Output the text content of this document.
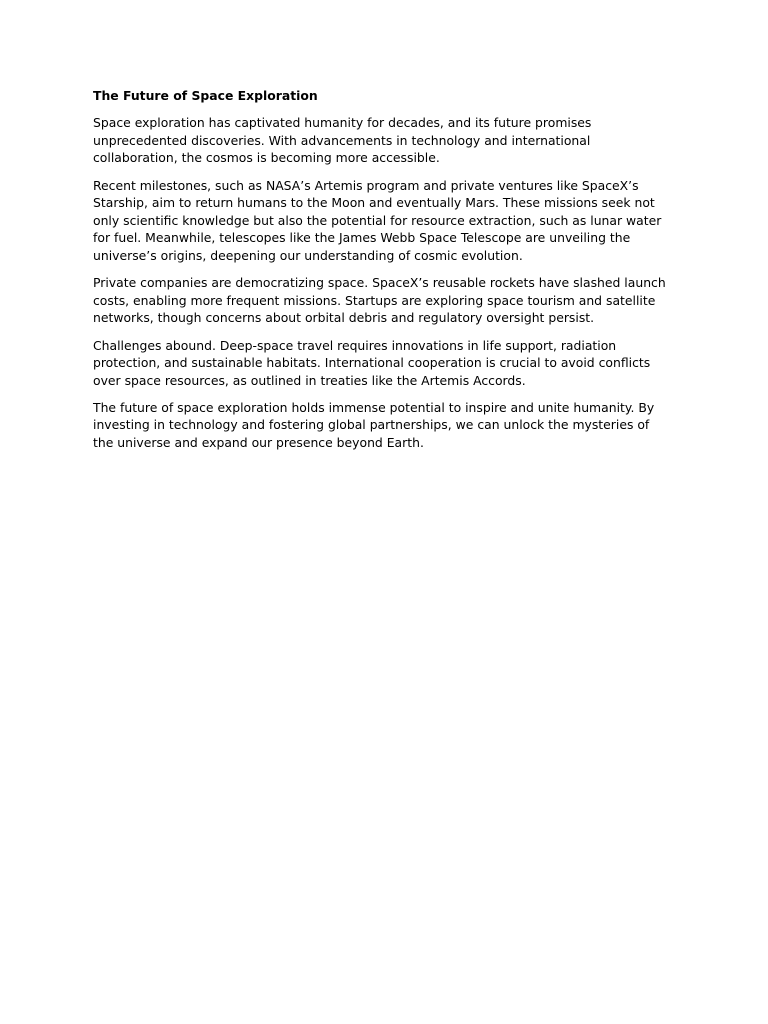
The Future of Space Exploration

Space exploration has captivated humanity for decades, and its future promises unprecedented discoveries. With advancements in technology and international collaboration, the cosmos is becoming more accessible.

Recent milestones, such as NASA’s Artemis program and private ventures like SpaceX’s Starship, aim to return humans to the Moon and eventually Mars. These missions seek not only scientific knowledge but also the potential for resource extraction, such as lunar water for fuel. Meanwhile, telescopes like the James Webb Space Telescope are unveiling the universe’s origins, deepening our understanding of cosmic evolution.

Private companies are democratizing space. SpaceX’s reusable rockets have slashed launch costs, enabling more frequent missions. Startups are exploring space tourism and satellite networks, though concerns about orbital debris and regulatory oversight persist.

Challenges abound. Deep-space travel requires innovations in life support, radiation protection, and sustainable habitats. International cooperation is crucial to avoid conflicts over space resources, as outlined in treaties like the Artemis Accords.

The future of space exploration holds immense potential to inspire and unite humanity. By investing in technology and fostering global partnerships, we can unlock the mysteries of the universe and expand our presence beyond Earth.
